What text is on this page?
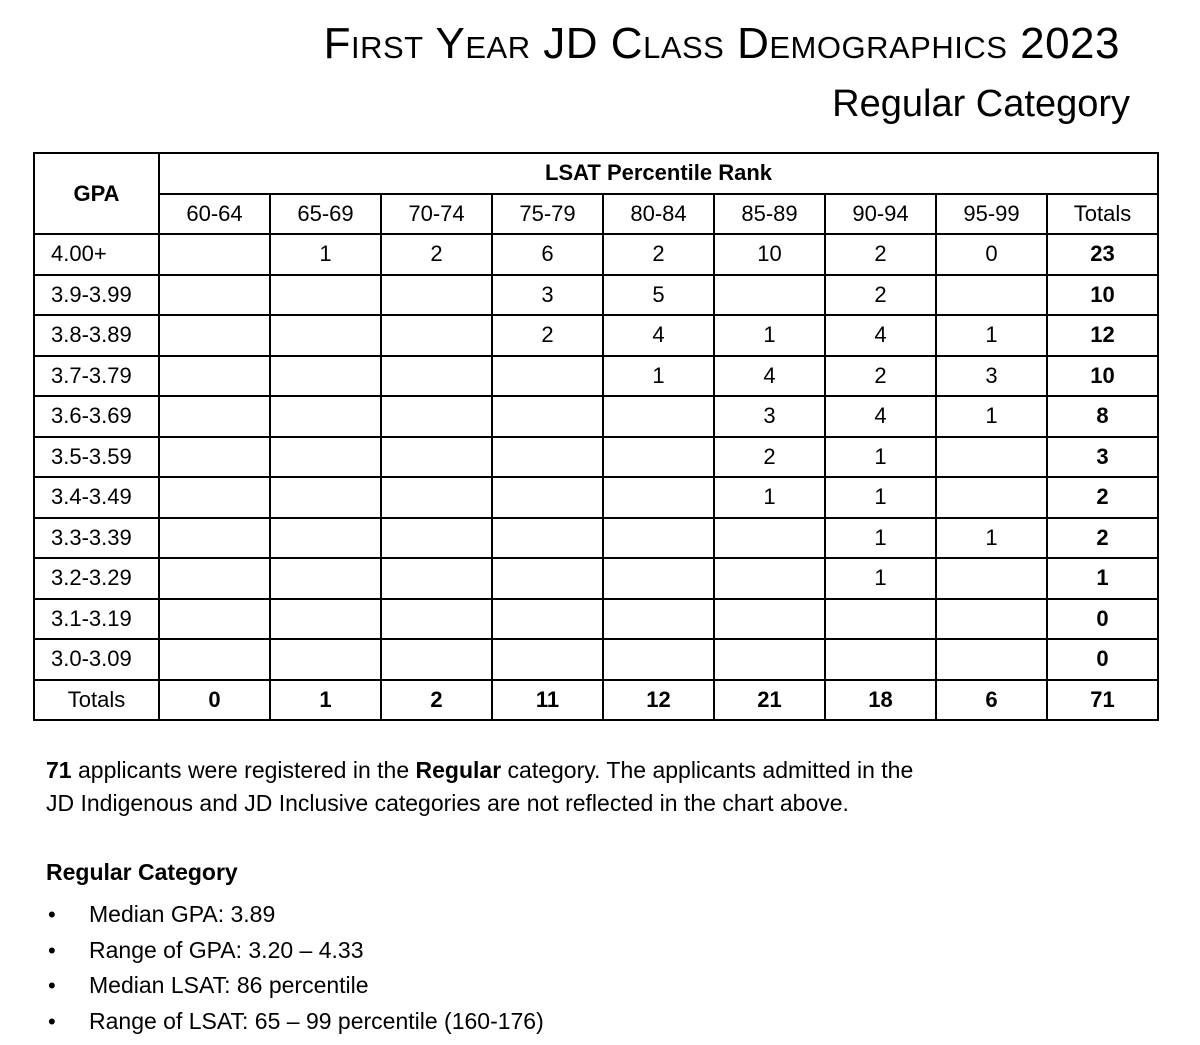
First Year JD Class Demographics 2023
Regular Category
GPA	LSAT Percentile Rank								
	60-64	65-69	70-74	75-79	80-84	85-89	90-94	95-99	Totals
4.00+		1	2	6	2	10	2	0	23
3.9-3.99				3	5		2		10
3.8-3.89				2	4	1	4	1	12
3.7-3.79					1	4	2	3	10
3.6-3.69						3	4	1	8
3.5-3.59						2	1		3
3.4-3.49						1	1		2
3.3-3.39							1	1	2
3.2-3.29							1		1
3.1-3.19									0
3.0-3.09									0
Totals	0	1	2	11	12	21	18	6	71

71 applicants were registered in the Regular category. The applicants admitted in the
JD Indigenous and JD Inclusive categories are not reflected in the chart above.

Regular Category
• Median GPA: 3.89
• Range of GPA: 3.20 – 4.33
• Median LSAT: 86 percentile
• Range of LSAT: 65 – 99 percentile (160-176)
